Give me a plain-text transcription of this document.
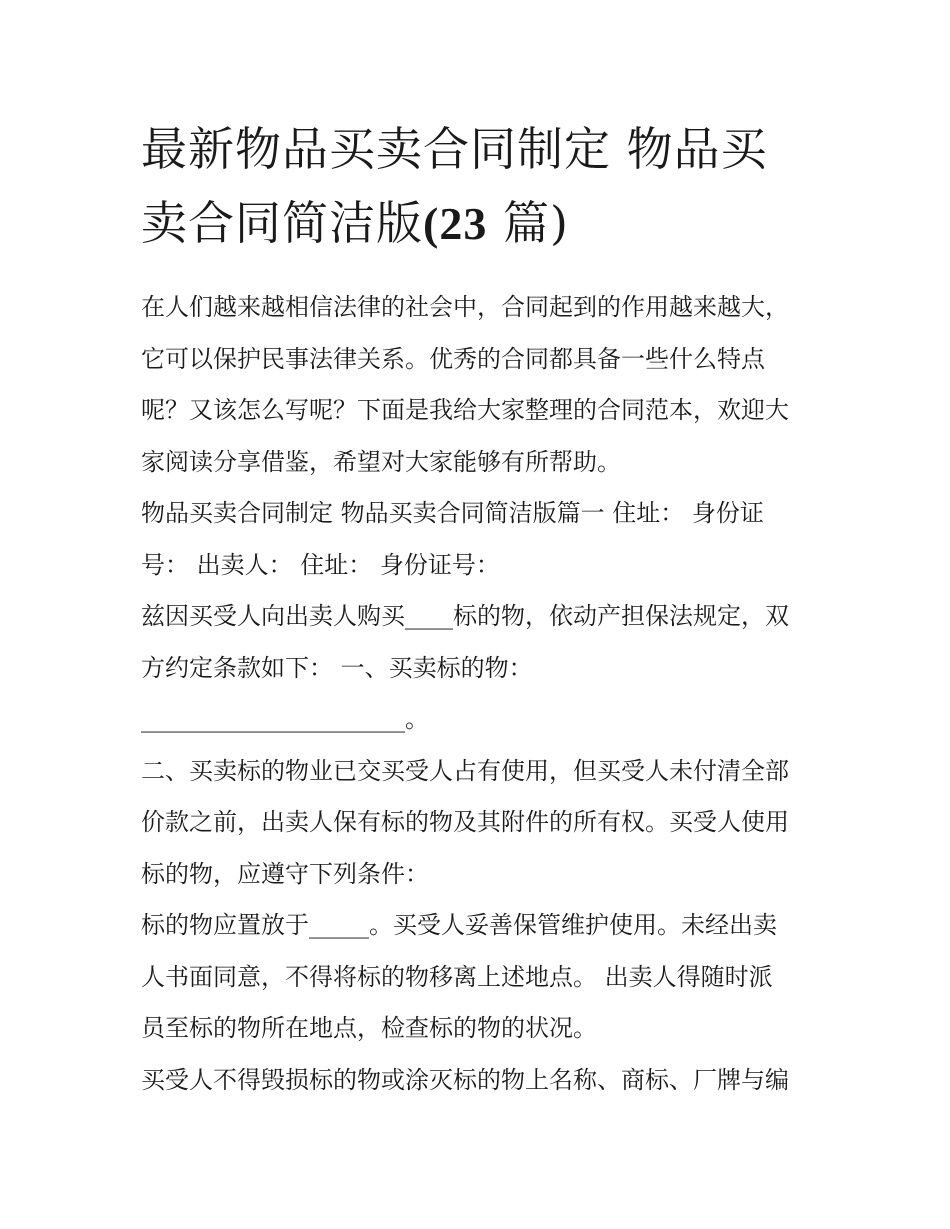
最新物品买卖合同制定 物品买
卖合同简洁版(23 篇)

在人们越来越相信法律的社会中，合同起到的作用越来越大，
它可以保护民事法律关系。优秀的合同都具备一些什么特点
呢？又该怎么写呢？下面是我给大家整理的合同范本，欢迎大
家阅读分享借鉴，希望对大家能够有所帮助。

物品买卖合同制定 物品买卖合同简洁版篇一 住址： 身份证
号： 出卖人： 住址： 身份证号：

兹因买受人向出卖人购买____标的物，依动产担保法规定，双
方约定条款如下： 一、买卖标的物：
______________________。

二、买卖标的物业已交买受人占有使用，但买受人未付清全部
价款之前，出卖人保有标的物及其附件的所有权。买受人使用
标的物，应遵守下列条件：

标的物应置放于_____。买受人妥善保管维护使用。未经出卖
人书面同意，不得将标的物移离上述地点。 出卖人得随时派
员至标的物所在地点，检查标的物的状况。

买受人不得毁损标的物或涂灭标的物上名称、商标、厂牌与编
